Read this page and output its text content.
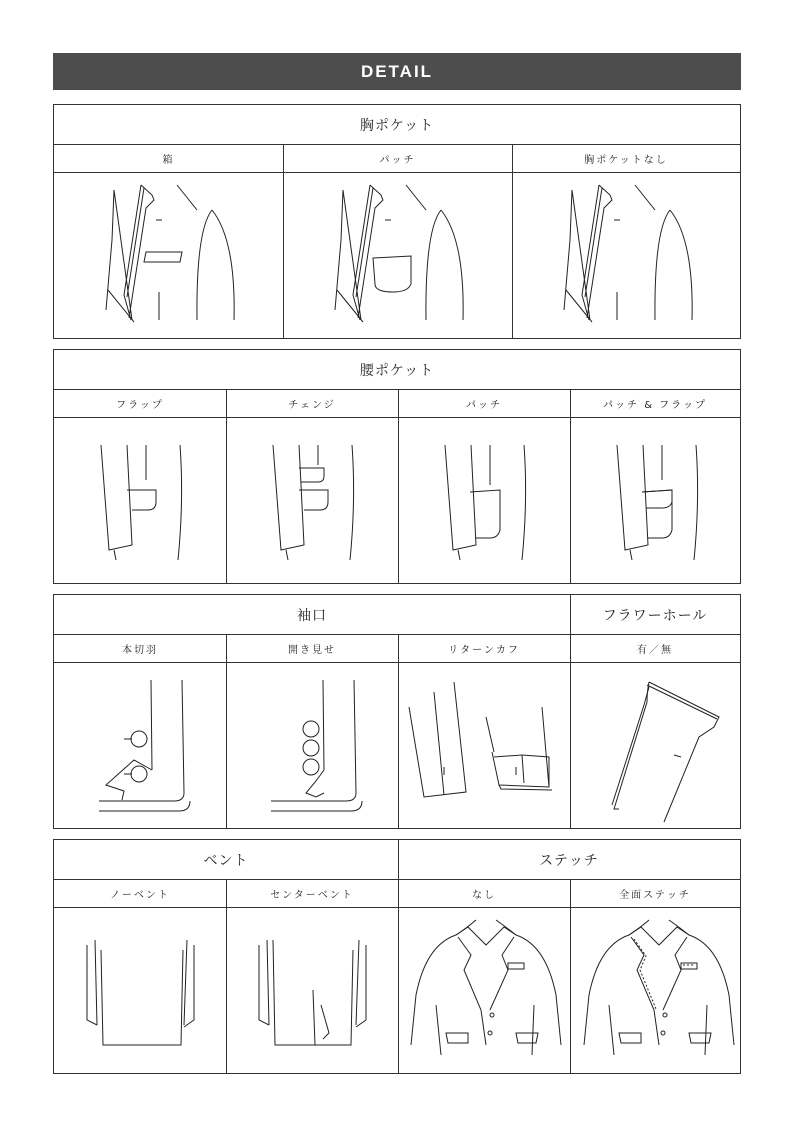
DETAIL
胸ポケット
箱	パッチ	胸ポケットなし
腰ポケット
フラップ	チェンジ	パッチ	パッチ & フラップ
袖口	フラワーホール
本切羽	開き見せ	リターンカフ	有／無
ベント	ステッチ
ノーベント	センターベント	なし	全面ステッチ
